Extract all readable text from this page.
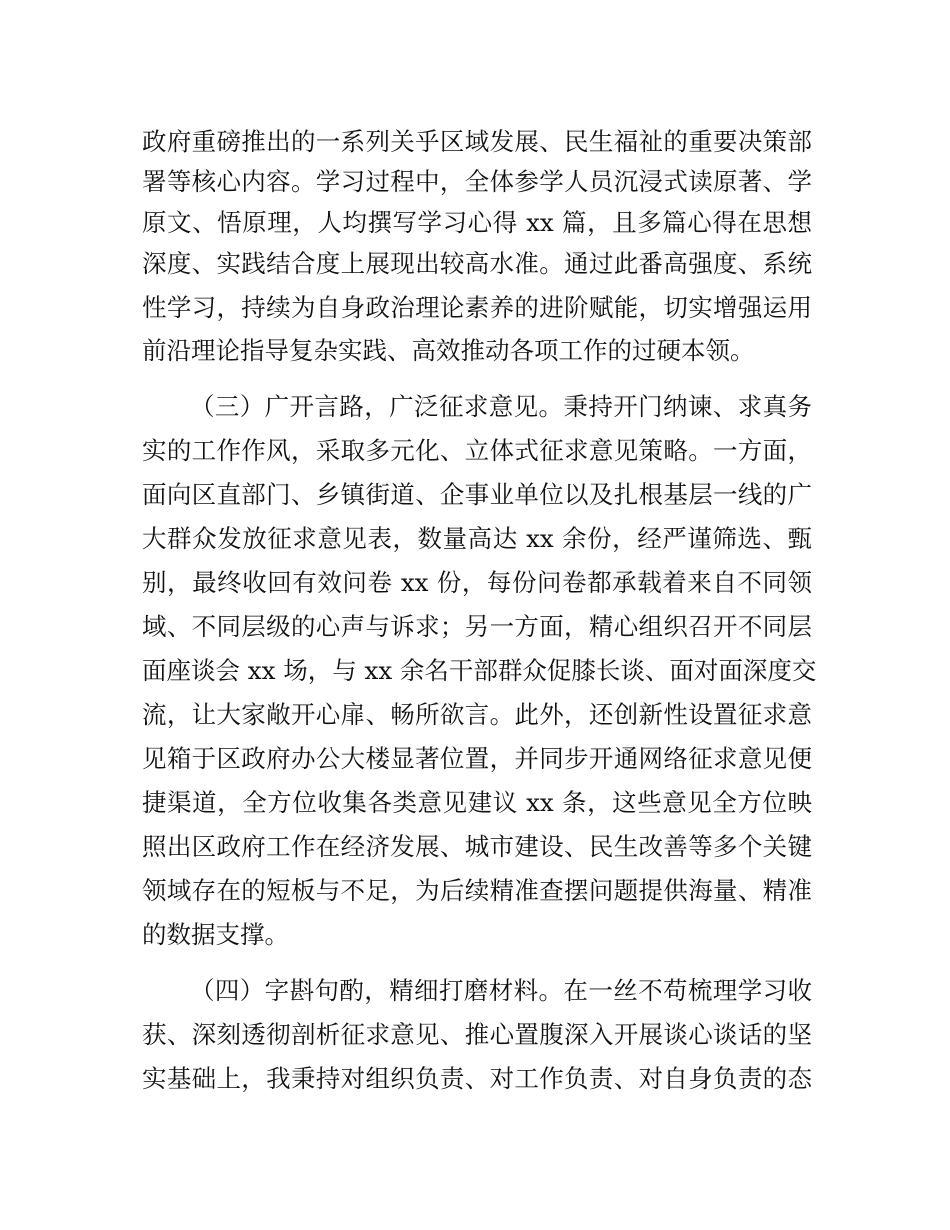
政府重磅推出的一系列关乎区域发展、民生福祉的重要决策部
署等核心内容。学习过程中，全体参学人员沉浸式读原著、学
原文、悟原理，人均撰写学习心得 xx 篇，且多篇心得在思想
深度、实践结合度上展现出较高水准。通过此番高强度、系统
性学习，持续为自身政治理论素养的进阶赋能，切实增强运用
前沿理论指导复杂实践、高效推动各项工作的过硬本领。
（三）广开言路，广泛征求意见。秉持开门纳谏、求真务
实的工作作风，采取多元化、立体式征求意见策略。一方面，
面向区直部门、乡镇街道、企事业单位以及扎根基层一线的广
大群众发放征求意见表，数量高达 xx 余份，经严谨筛选、甄
别，最终收回有效问卷 xx 份，每份问卷都承载着来自不同领
域、不同层级的心声与诉求；另一方面，精心组织召开不同层
面座谈会 xx 场，与 xx 余名干部群众促膝长谈、面对面深度交
流，让大家敞开心扉、畅所欲言。此外，还创新性设置征求意
见箱于区政府办公大楼显著位置，并同步开通网络征求意见便
捷渠道，全方位收集各类意见建议 xx 条，这些意见全方位映
照出区政府工作在经济发展、城市建设、民生改善等多个关键
领域存在的短板与不足，为后续精准查摆问题提供海量、精准
的数据支撑。
（四）字斟句酌，精细打磨材料。在一丝不苟梳理学习收
获、深刻透彻剖析征求意见、推心置腹深入开展谈心谈话的坚
实基础上，我秉持对组织负责、对工作负责、对自身负责的态
